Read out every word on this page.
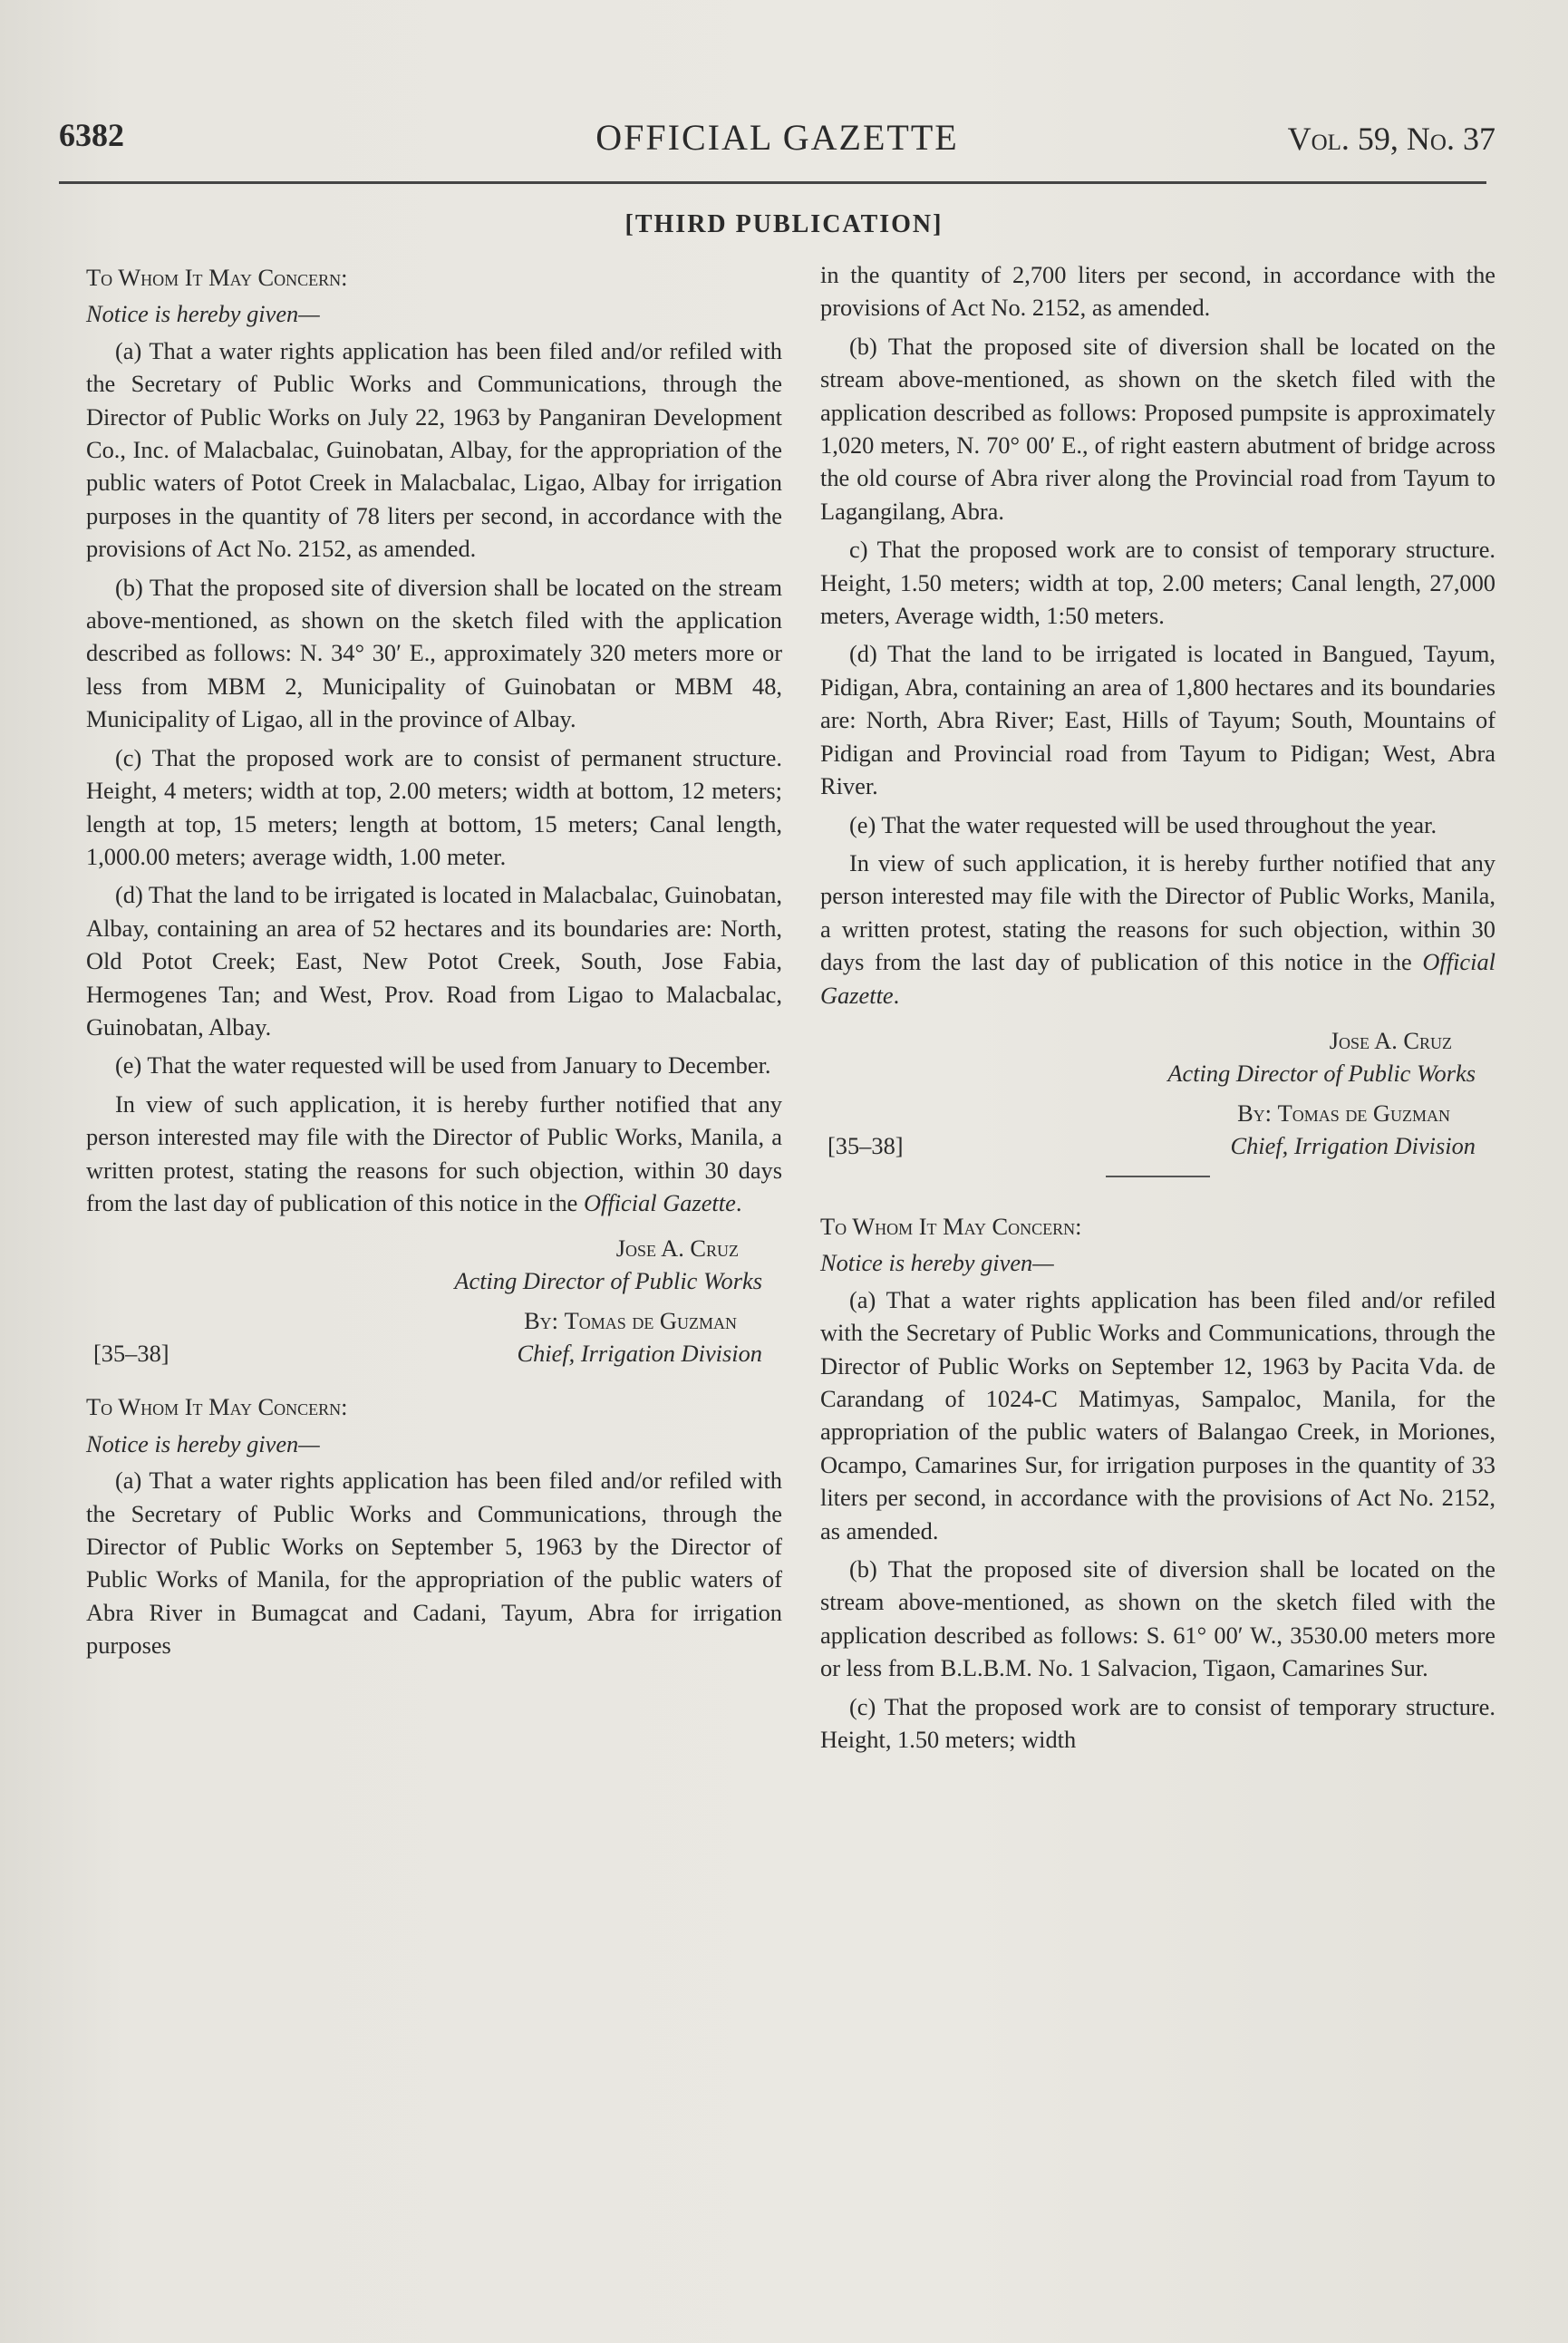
OFFICIAL GAZETTE
6382	Vol. 59, No. 37
[THIRD PUBLICATION]

To Whom It May Concern:

Notice is hereby given—

(a) That a water rights application has been filed and/or refiled with the Secretary of Public Works and Communications, through the Director of Public Works on July 22, 1963 by Panganiran Development Co., Inc. of Malacbalac, Guinobatan, Albay, for the appropriation of the public waters of Potot Creek in Malacbalac, Ligao, Albay for irrigation purposes in the quantity of 78 liters per second, in accordance with the provisions of Act No. 2152, as amended.

(b) That the proposed site of diversion shall be located on the stream above-mentioned, as shown on the sketch filed with the application described as follows: N. 34° 30′ E., approximately 320 meters more or less from MBM 2, Municipality of Guinobatan or MBM 48, Municipality of Ligao, all in the province of Albay.

(c) That the proposed work are to consist of permanent structure. Height, 4 meters; width at top, 2.00 meters; width at bottom, 12 meters; length at top, 15 meters; length at bottom, 15 meters; Canal length, 1,000.00 meters; average width, 1.00 meter.

(d) That the land to be irrigated is located in Malacbalac, Guinobatan, Albay, containing an area of 52 hectares and its boundaries are: North, Old Potot Creek; East, New Potot Creek, South, Jose Fabia, Hermogenes Tan; and West, Prov. Road from Ligao to Malacbalac, Guinobatan, Albay.

(e) That the water requested will be used from January to December.

In view of such application, it is hereby further notified that any person interested may file with the Director of Public Works, Manila, a written protest, stating the reasons for such objection, within 30 days from the last day of publication of this notice in the Official Gazette.

Jose A. Cruz
Acting Director of Public Works
By: Tomas de Guzman
[35–38]	Chief, Irrigation Division

To Whom It May Concern:

Notice is hereby given—

(a) That a water rights application has been filed and/or refiled with the Secretary of Public Works and Communications, through the Director of Public Works on September 5, 1963 by the Director of Public Works of Manila, for the appropriation of the public waters of Abra River in Bumagcat and Cadani, Tayum, Abra for irrigation purposes

in the quantity of 2,700 liters per second, in accordance with the provisions of Act No. 2152, as amended.

(b) That the proposed site of diversion shall be located on the stream above-mentioned, as shown on the sketch filed with the application described as follows: Proposed pumpsite is approximately 1,020 meters, N. 70° 00′ E., of right eastern abutment of bridge across the old course of Abra river along the Provincial road from Tayum to Lagangilang, Abra.

c) That the proposed work are to consist of temporary structure. Height, 1.50 meters; width at top, 2.00 meters; Canal length, 27,000 meters, Average width, 1:50 meters.

(d) That the land to be irrigated is located in Bangued, Tayum, Pidigan, Abra, containing an area of 1,800 hectares and its boundaries are: North, Abra River; East, Hills of Tayum; South, Mountains of Pidigan and Provincial road from Tayum to Pidigan; West, Abra River.

(e) That the water requested will be used throughout the year.

In view of such application, it is hereby further notified that any person interested may file with the Director of Public Works, Manila, a written protest, stating the reasons for such objection, within 30 days from the last day of publication of this notice in the Official Gazette.

Jose A. Cruz
Acting Director of Public Works
By: Tomas de Guzman
[35–38]	Chief, Irrigation Division

To Whom It May Concern:

Notice is hereby given—

(a) That a water rights application has been filed and/or refiled with the Secretary of Public Works and Communications, through the Director of Public Works on September 12, 1963 by Pacita Vda. de Carandang of 1024-C Matimyas, Sampaloc, Manila, for the appropriation of the public waters of Balangao Creek, in Moriones, Ocampo, Camarines Sur, for irrigation purposes in the quantity of 33 liters per second, in accordance with the provisions of Act No. 2152, as amended.

(b) That the proposed site of diversion shall be located on the stream above-mentioned, as shown on the sketch filed with the application described as follows: S. 61° 00′ W., 3530.00 meters more or less from B.L.B.M. No. 1 Salvacion, Tigaon, Camarines Sur.

(c) That the proposed work are to consist of temporary structure. Height, 1.50 meters; width
